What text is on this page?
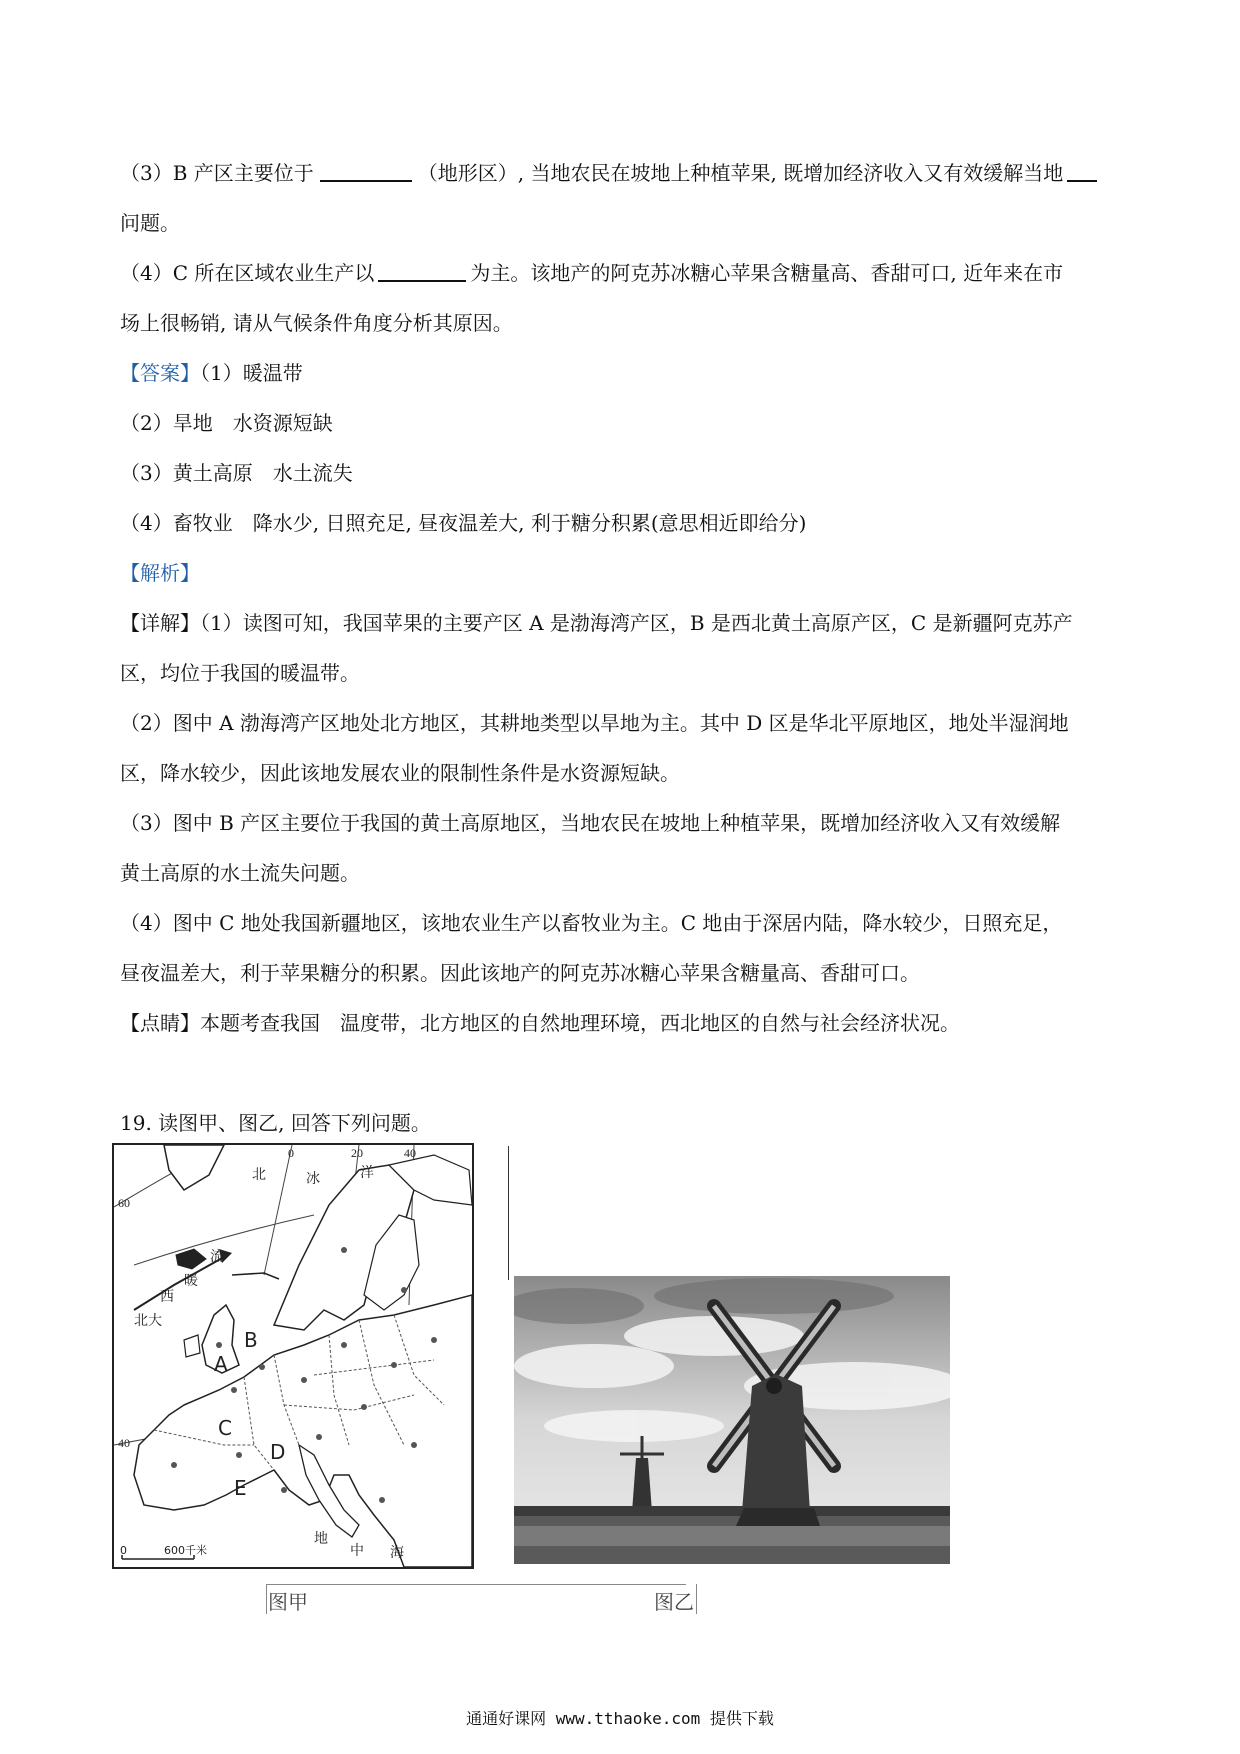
（3）B 产区主要位于	（地形区）, 当地农民在坡地上种植苹果, 既增加经济收入又有效缓解当地
问题。
（4）C 所在区域农业生产以	为主。该地产的阿克苏冰糖心苹果含糖量高、香甜可口, 近年来在市
场上很畅销, 请从气候条件角度分析其原因。
【答案】（1）暖温带
（2）旱地　水资源短缺
（3）黄土高原　水土流失
（4）畜牧业　降水少, 日照充足, 昼夜温差大, 利于糖分积累(意思相近即给分)
【解析】
【详解】（1）读图可知，我国苹果的主要产区 A 是渤海湾产区，B 是西北黄土高原产区，C 是新疆阿克苏产
区，均位于我国的暖温带。
（2）图中 A 渤海湾产区地处北方地区，其耕地类型以旱地为主。其中 D 区是华北平原地区，地处半湿润地
区，降水较少，因此该地发展农业的限制性条件是水资源短缺。
（3）图中 B 产区主要位于我国的黄土高原地区，当地农民在坡地上种植苹果，既增加经济收入又有效缓解
黄土高原的水土流失问题。
（4）图中 C 地处我国新疆地区，该地农业生产以畜牧业为主。C 地由于深居内陆，降水较少，日照充足，
昼夜温差大，利于苹果糖分的积累。因此该地产的阿克苏冰糖心苹果含糖量高、香甜可口。
【点睛】本题考查我国　温度带，北方地区的自然地理环境，西北地区的自然与社会经济状况。
19. 读图甲、图乙, 回答下列问题。
0	20	40
60
40
北	冰	洋
北大
西
暖
流
地
中 海
A
B
C
D
E
0	600千米
图甲	图乙
通通好课网 www.tthaoke.com 提供下载
